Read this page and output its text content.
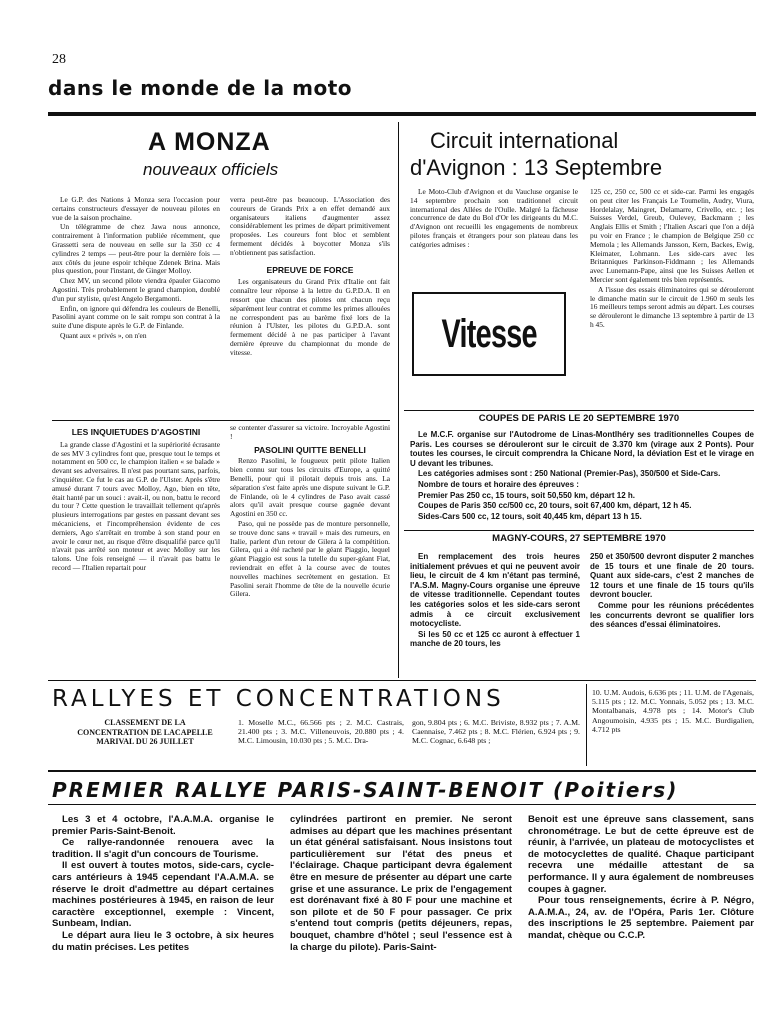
28
dans le monde de la moto
A MONZA
nouveaux officiels

Le G.P. des Nations à Monza sera l'occasion pour certains constructeurs d'essayer de nouveau pilotes en vue de la saison prochaine.

Un télégramme de chez Jawa nous annonce, contrairement à l'information publiée récemment, que Grassetti sera de nouveau en selle sur la 350 cc 4 cylindres 2 temps — peut-être pour la dernière fois — aux côtés du jeune espoir tchèque Zdenek Brina. Mais plus question, pour l'instant, de Ginger Molloy.

Chez MV, un second pilote viendra épauler Giacomo Agostini. Très probablement le grand champion, doublé d'un pur styliste, qu'est Angelo Bergamonti.

Enfin, on ignore qui défendra les couleurs de Benelli, Pasolini ayant comme on le sait rompu son contrat à la suite d'une dispute après le G.P. de Finlande.

Quant aux « privés », on n'en

verra peut-être pas beaucoup. L'Association des coureurs de Grands Prix a en effet demandé aux organisateurs italiens d'augmenter assez considérablement les primes de départ primitivement proposées. Les coureurs font bloc et semblent fermement décidés à boycotter Monza s'ils n'obtiennent pas satisfaction.

EPREUVE DE FORCE

Les organisateurs du Grand Prix d'Italie ont fait connaître leur réponse à la lettre du G.P.D.A. Il en ressort que chacun des pilotes ont chacun reçu séparément leur contrat et comme les primes allouées ne correspondent pas au barème fixé lors de la réunion à l'Ulster, les pilotes du G.P.D.A. sont fermement décidé à ne pas participer à l'avant dernière épreuve du championnat du monde de vitesse.

LES INQUIETUDES D'AGOSTINI

La grande classe d'Agostini et la supériorité écrasante de ses MV 3 cylindres font que, presque tout le temps et notamment en 500 cc, le champion italien « se balade » devant ses adversaires. Il n'est pas pourtant sans, parfois, s'inquiéter. Ce fut le cas au G.P. de l'Ulster. Après s'être amusé durant 7 tours avec Molloy, Ago, bien en tête, était hanté par un souci : avait-il, ou non, battu le record du tour ? Cette question le travaillait tellement qu'après plusieurs interrogations par gestes en passant devant ses mécaniciens, et l'incompréhension évidente de ces derniers, Ago s'arrêtait en trombe à son stand pour en avoir le cœur net, au risque d'être disqualifié parce qu'il n'avait pas arrêté son moteur et avec Molloy sur les talons. Une fois renseigné — il n'avait pas battu le record — l'Italien repartait pour

se contenter d'assurer sa victoire. Incroyable Agostini !

PASOLINI QUITTE BENELLI

Renzo Pasolini, le fougueux petit pilote Italien bien connu sur tous les circuits d'Europe, a quitté Benelli, pour qui il pilotait depuis trois ans. La séparation s'est faite après une dispute suivant le G.P. de Finlande, où le 4 cylindres de Paso avait cassé alors qu'il avait presque course gagnée devant Agostini en 350 cc.

Paso, qui ne possède pas de monture personnelle, se trouve donc sans « travail » mais des rumeurs, en Italie, parlent d'un retour de Gilera à la compétition. Gilera, qui a été racheté par le géant Piaggio, lequel géant Piaggio est sous la tutelle du super-géant Fiat, reviendrait en effet à la course avec de toutes nouvelles machines secrètement en gestation. Et Pasolini serait l'homme de tête de la nouvelle écurie Gilera.

Circuit international
d'Avignon : 13 Septembre

Le Moto-Club d'Avignon et du Vaucluse organise le 14 septembre prochain son traditionnel circuit international des Allées de l'Oulle. Malgré la fâcheuse concurrence de date du Bol d'Or les dirigeants du M.C. d'Avignon ont recueilli les engagements de nombreux pilotes français et étrangers pour son plateau dans les catégories admises :

Vitesse

125 cc, 250 cc, 500 cc et side-car. Parmi les engagés on peut citer les Français Le Toumelin, Audry, Viura, Hordelalay, Maingret, Delamarre, Crivello, etc. ; les Suisses Verdel, Greub, Oulevey, Backmann ; les Anglais Ellis et Smith ; l'Italien Ascari que l'on a déjà pu voir en France ; le champion de Belgique 250 cc Memola ; les Allemands Jansson, Kern, Backes, Ewig, Kleimater, Lohmann. Les side-cars avec les Britanniques Parkinson-Fiddmann ; les Allemands avec Lunemann-Pape, ainsi que les Suisses Aellen et Mercier sont également très bien représentés.

A l'issue des essais éliminatoires qui se dérouleront le dimanche matin sur le circuit de 1.960 m seuls les 16 meilleurs temps seront admis au départ. Les courses se dérouleront le dimanche 13 septembre à partir de 13 h 45.

COUPES DE PARIS LE 20 SEPTEMBRE 1970

Le M.C.F. organise sur l'Autodrome de Linas-Montlhéry ses traditionnelles Coupes de Paris. Les courses se dérouleront sur le circuit de 3.370 km (virage aux 2 Ponts). Pour toutes les courses, le circuit comprendra la Chicane Nord, la déviation Est et le virage en U devant les tribunes.

Les catégories admises sont : 250 National (Premier-Pas), 350/500 et Side-Cars.

Nombre de tours et horaire des épreuves :

Premier Pas 250 cc, 15 tours, soit 50,550 km, départ 12 h.

Coupes de Paris 350 cc/500 cc, 20 tours, soit 67,400 km, départ, 12 h 45.

Sides-Cars 500 cc, 12 tours, soit 40,445 km, départ 13 h 15.

MAGNY-COURS, 27 SEPTEMBRE 1970

En remplacement des trois heures initialement prévues et qui ne peuvent avoir lieu, le circuit de 4 km n'étant pas terminé, l'A.S.M. Magny-Cours organise une épreuve de vitesse traditionnelle. Cependant toutes les catégories solos et les side-cars seront admis à ce circuit exclusivement motocycliste.

Si les 50 cc et 125 cc auront à effectuer 1 manche de 20 tours, les

250 et 350/500 devront disputer 2 manches de 15 tours et une finale de 20 tours. Quant aux side-cars, c'est 2 manches de 12 tours et une finale de 15 tours qu'ils devront boucler.

Comme pour les réunions précédentes les concurrents devront se qualifier lors des séances d'essai éliminatoires.

RALLYES ET CONCENTRATIONS
CLASSEMENT DE LA CONCENTRATION DE LACAPELLE MARIVAL DU 26 JUILLET

1. Moselle M.C., 66.566 pts ; 2. M.C. Castrais, 21.400 pts ; 3. M.C. Villeneuvois, 20.880 pts ; 4. M.C. Limousin, 10.030 pts ; 5. M.C. Dra-

gon, 9.804 pts ; 6. M.C. Briviste, 8.932 pts ; 7. A.M. Caennaise, 7.462 pts ; 8. M.C. Flérien, 6.924 pts ; 9. M.C. Cognac, 6.648 pts ;

10. U.M. Audois, 6.636 pts ; 11. U.M. de l'Agenais, 5.115 pts ; 12. M.C. Yonnais, 5.052 pts ; 13. M.C. Montalbanais, 4.978 pts ; 14. Motor's Club Angoumoisin, 4.935 pts ; 15. M.C. Burdigalien, 4.712 pts

PREMIER RALLYE PARIS-SAINT-BENOIT (Poitiers)

Les 3 et 4 octobre, l'A.A.M.A. organise le premier Paris-Saint-Benoit.

Ce rallye-randonnée renouera avec la tradition. Il s'agit d'un concours de Tourisme.

Il est ouvert à toutes motos, side-cars, cycle-cars antérieurs à 1945 cependant l'A.A.M.A. se réserve le droit d'admettre au départ certaines machines postérieures à 1945, en raison de leur caractère exceptionnel, exemple : Vincent, Sunbeam, Indian.

Le départ aura lieu le 3 octobre, à six heures du matin précises. Les petites

cylindrées partiront en premier. Ne seront admises au départ que les machines présentant un état général satisfaisant. Nous insistons tout particulièrement sur l'état des pneus et l'éclairage. Chaque participant devra également être en mesure de présenter au départ une carte grise et une assurance. Le prix de l'engagement est dorénavant fixé à 80 F pour une machine et son pilote et de 50 F pour passager. Ce prix s'entend tout compris (petits déjeuners, repas, bouquet, chambre d'hôtel ; seul l'essence est à la charge du pilote). Paris-Saint-

Benoit est une épreuve sans classement, sans chronométrage. Le but de cette épreuve est de réunir, à l'arrivée, un plateau de motocyclistes et de motocyclettes de qualité. Chaque participant recevra une médaille attestant de sa performance. Il y aura également de nombreuses coupes à gagner.

Pour tous renseignements, écrire à P. Négro, A.A.M.A., 24, av. de l'Opéra, Paris 1er. Clôture des inscriptions le 25 septembre. Paiement par mandat, chèque ou C.C.P.
